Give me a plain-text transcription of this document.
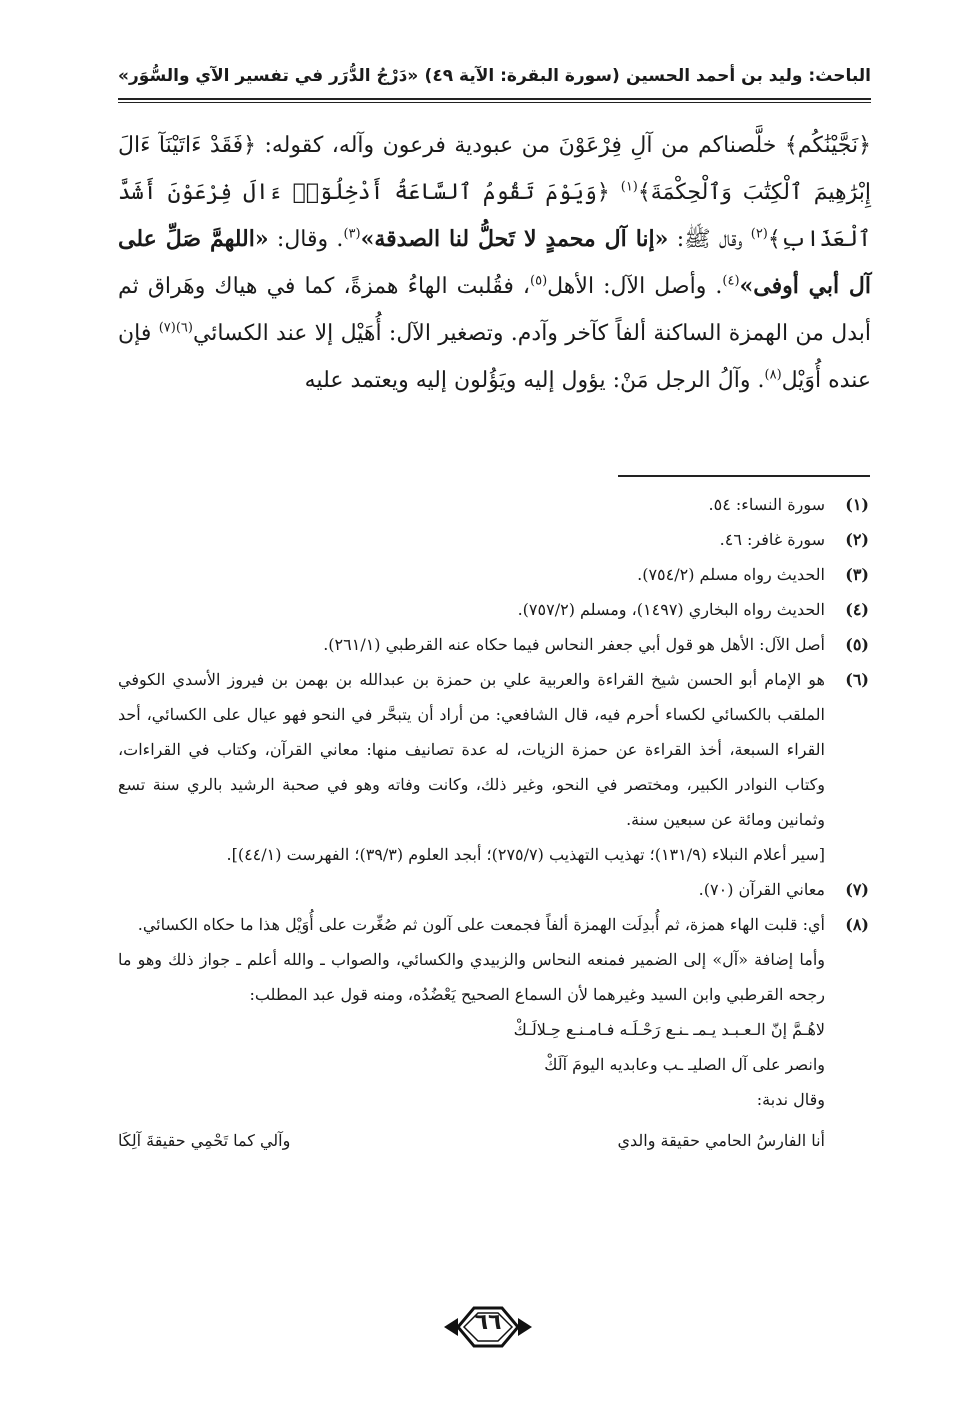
الباحث: وليد بن أحمد الحسين
(سورة البقرة: الآية ٤٩)
«دَرْجُ الدُّرَر في تفسير الآي والسُّوَر»
﴿نَجَّيْنَٰكُم﴾ خلَّصناكم من آلِ فِرْعَوْنَ من عبودية فرعون وآله، كقوله: ﴿فَقَدْ ءَاتَيْنَآ ءَالَ إِبْرَٰهِيمَ ٱلْكِتَٰبَ وَٱلْحِكْمَةَ﴾$^{(١)}$ ﴿وَيَوْمَ تَقُومُ ٱلسَّاعَةُ أَدْخِلُوٓا۟ ءَالَ فِرْعَوْنَ أَشَدَّ ٱلْعَذَابِ﴾$^{(٢)}$ وقال ﷺ: «إنا آل محمدٍ لا تَحلُّ لنا الصدقة»$^{(٣)}$. وقال: «اللهمَّ صَلِّ على آل أبي أوفى»$^{(٤)}$. وأصل الآل: الأهل$^{(٥)}$، فقُلبت الهاءُ همزةً، كما في هياك وهَراق ثم أبدل من الهمزة الساكنة ألفاً كآخر وآدم. وتصغير الآل: أُهَيْل إلا عند الكسائي$^{(٦)(٧)}$ فإن عنده أُوَيْل$^{(٨)}$. وآلُ الرجل مَنْ: يؤول إليه ويَؤُلون إليه ويعتمد عليه
(١)
سورة النساء: ٥٤.
(٢)
سورة غافر: ٤٦.
(٣)
الحديث رواه مسلم (٧٥٤/٢).
(٤)
الحديث رواه البخاري (١٤٩٧)، ومسلم (٧٥٧/٢).
(٥)
أصل الآل: الأهل هو قول أبي جعفر النحاس فيما حكاه عنه القرطبي (٢٦١/١).
(٦)
هو الإمام أبو الحسن شيخ القراءة والعربية علي بن حمزة بن عبدالله بن بهمن بن فيروز الأسدي الكوفي الملقب بالكسائي لكساء أحرم فيه، قال الشافعي: من أراد أن يتبحَّر في النحو فهو عيال على الكسائي، أحد القراء السبعة، أخذ القراءة عن حمزة الزيات، له عدة تصانيف منها: معاني القرآن، وكتاب في القراءات، وكتاب النوادر الكبير، ومختصر في النحو، وغير ذلك، وكانت وفاته وهو في صحبة الرشيد بالري سنة تسع وثمانين ومائة عن سبعين سنة.
[سير أعلام النبلاء (١٣١/٩)؛ تهذيب التهذيب (٢٧٥/٧)؛ أبجد العلوم (٣٩/٣)؛ الفهرست (٤٤/١)].
(٧)
معاني القرآن (٧٠).
(٨)
أي: قلبت الهاء همزة، ثم أُبدِلَت الهمزة ألفاً فجمعت على آلون ثم صُغِّرت على أُوَيْل هذا ما حكاه الكسائي.
وأما إضافة «آل» إلى الضمير فمنعه النحاس والزبيدي والكسائي، والصواب ـ والله أعلم ـ جواز ذلك وهو ما رجحه القرطبي وابن السيد وغيرهما لأن السماع الصحيح يَعْضُدُه، ومنه قول عبد المطلب:
لاهُـمَّ إنّ الـعـبـد يـمـ ـنـع رَحْـلَـه فـامـنـع حِـلالَـكْ
وانصر على آل الصليـ ـب وعابديه اليومَ آلَكْ
وقال ندبة:
أنا الفارسُ الحامي حقيقة والدي
وآلي كما تَحْمِي حقيقةَ آلِكَا
٦٦
